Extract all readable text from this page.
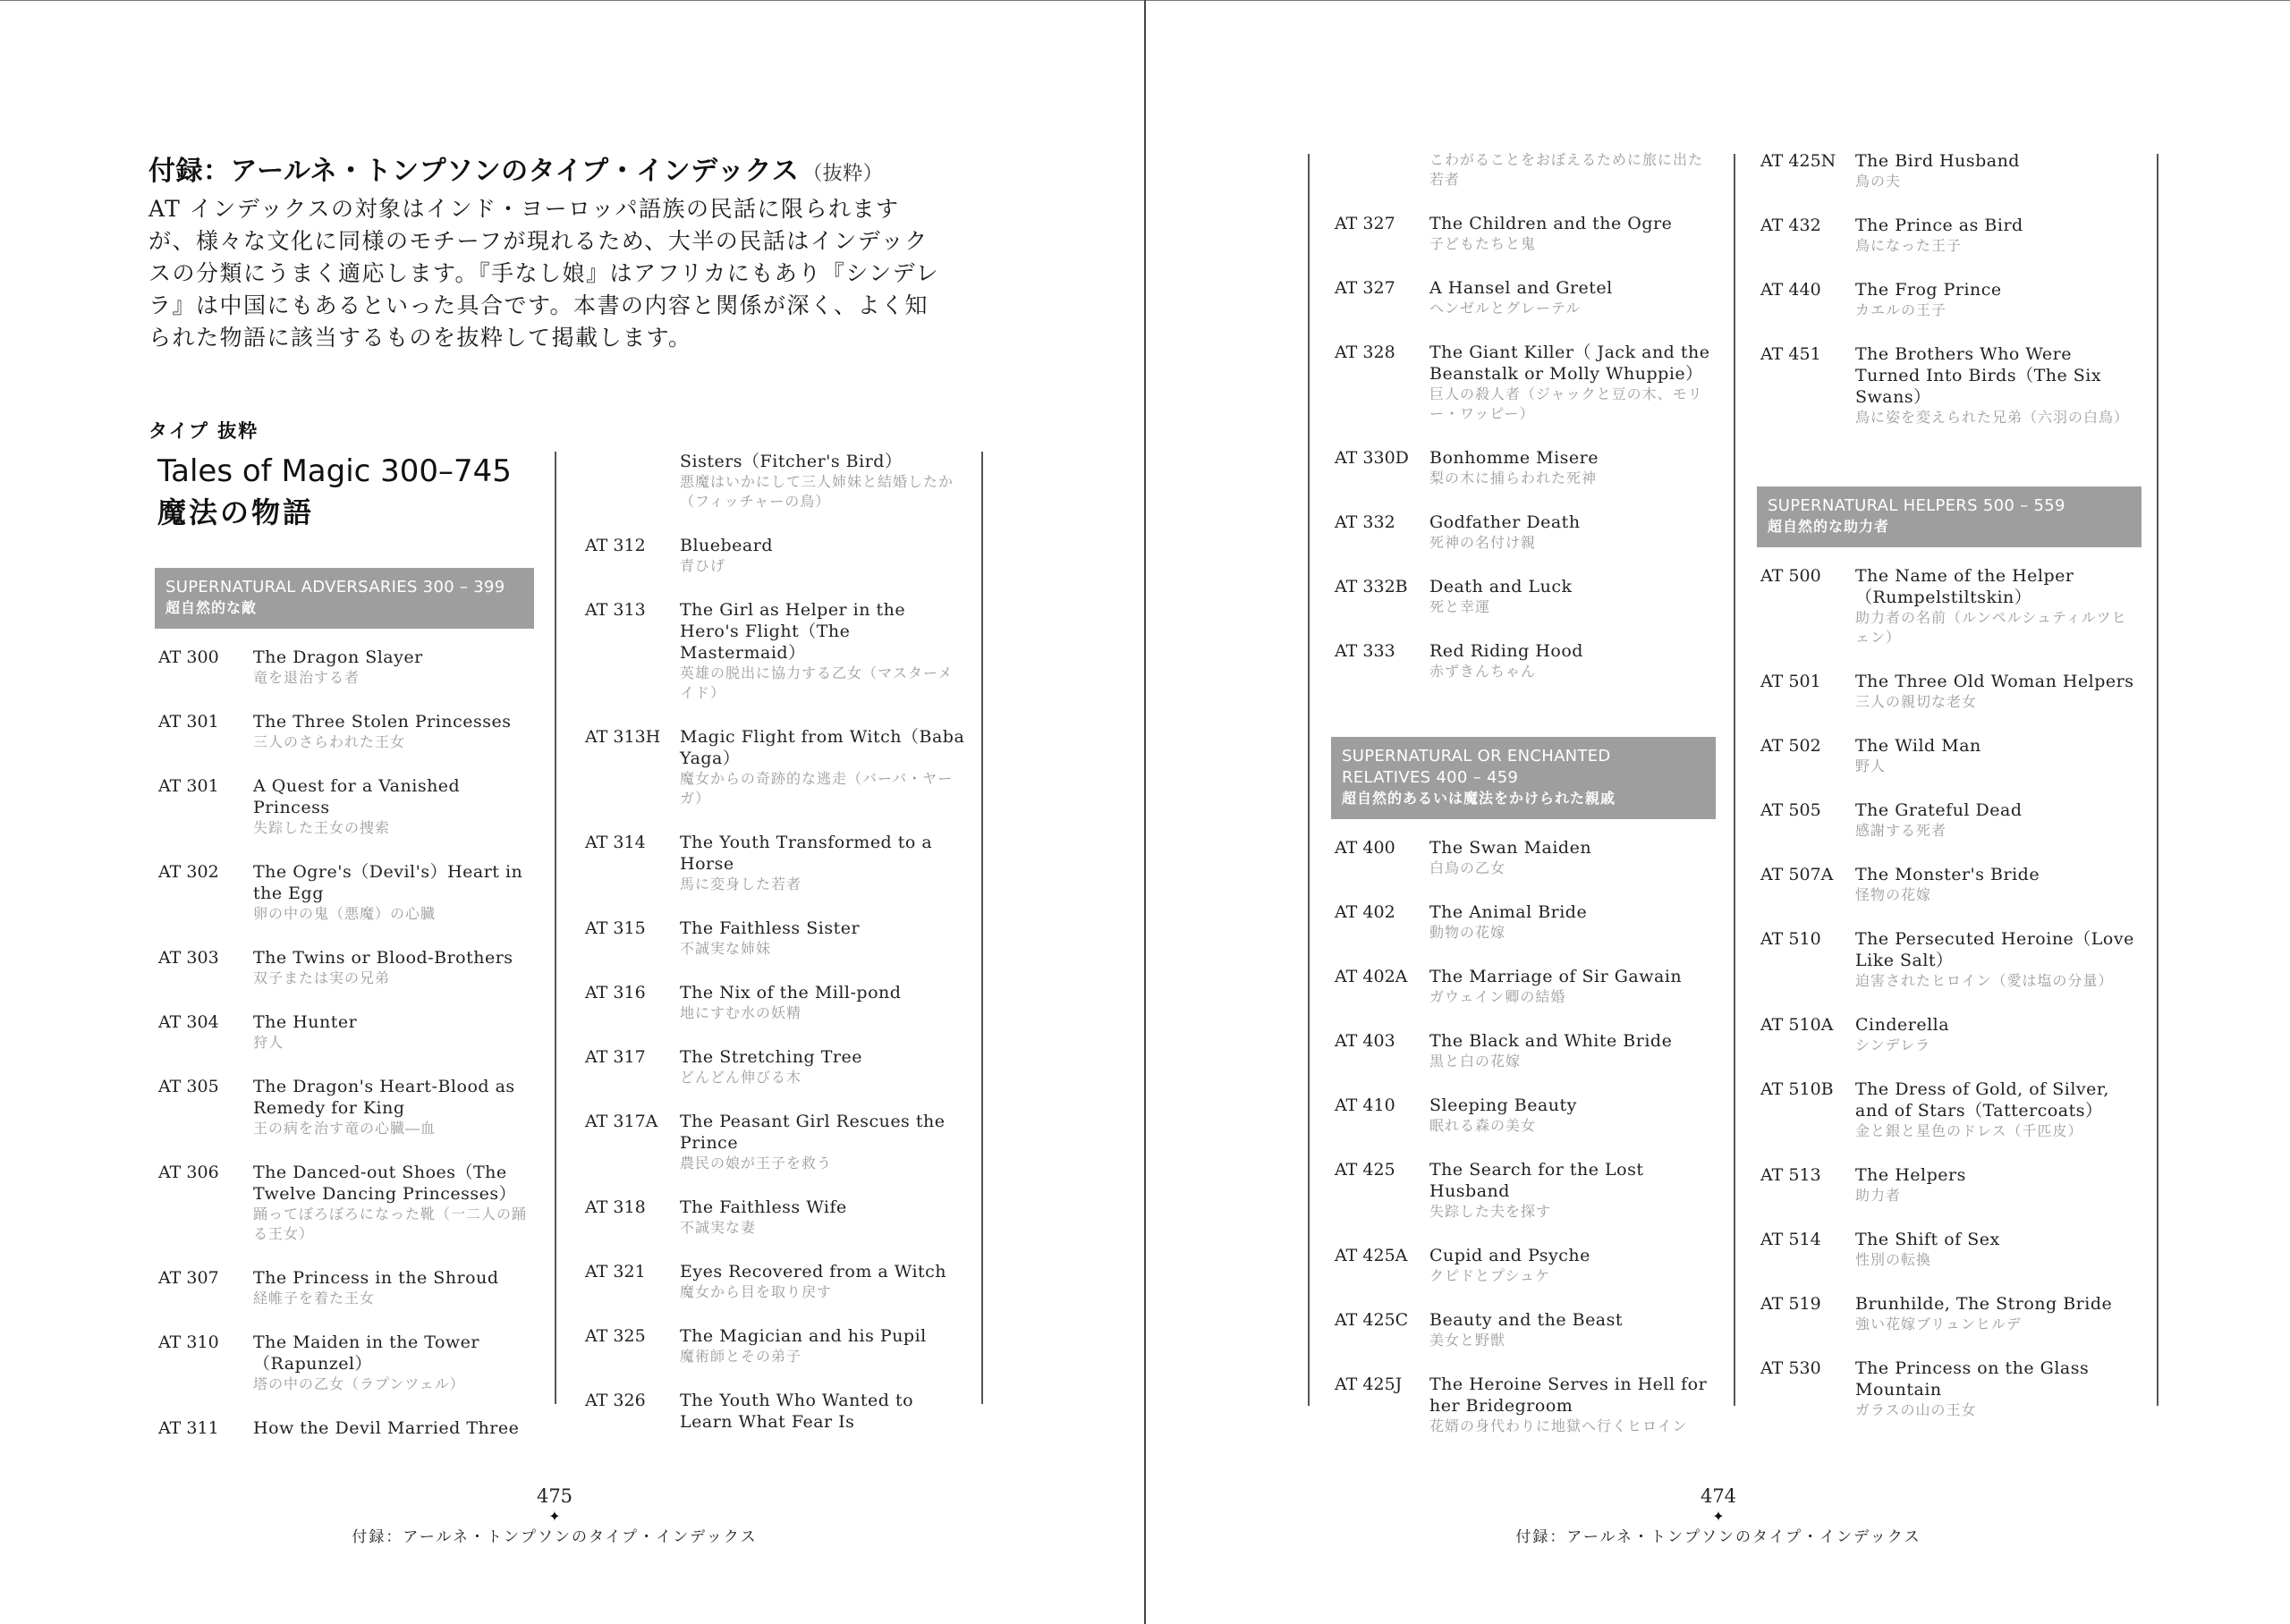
付録：アールネ・トンプソンのタイプ・インデックス （抜粋）

AT インデックスの対象はインド・ヨーロッパ語族の民話に限られますが、様々な文化に同様のモチーフが現れるため、大半の民話はインデックスの分類にうまく適応します。『手なし娘』はアフリカにもあり『シンデレラ』は中国にもあるといった具合です。本書の内容と関係が深く、よく知られた物語に該当するものを抜粋して掲載します。

タイプ 抜粋
Tales of Magic 300–745
魔法の物語
SUPERNATURAL ADVERSARIES 300 – 399
超自然的な敵
AT 300	The Dragon Slayer
竜を退治する者
AT 301	The Three Stolen Princesses
三人のさらわれた王女
AT 301	A Quest for a Vanished Princess
失踪した王女の捜索
AT 302	The Ogre's（Devil's）Heart in the Egg
卵の中の鬼（悪魔）の心臓
AT 303	The Twins or Blood-Brothers
双子または実の兄弟
AT 304	The Hunter
狩人
AT 305	The Dragon's Heart-Blood as Remedy for King
王の病を治す竜の心臓―血
AT 306	The Danced-out Shoes（The Twelve Dancing Princesses）
踊ってぼろぼろになった靴（一二人の踊る王女）
AT 307	The Princess in the Shroud
経帷子を着た王女
AT 310	The Maiden in the Tower（Rapunzel）
塔の中の乙女（ラプンツェル）
AT 311	How the Devil Married Three
Sisters（Fitcher's Bird）
悪魔はいかにして三人姉妹と結婚したか（フィッチャーの鳥）
AT 312	Bluebeard
青ひげ
AT 313	The Girl as Helper in the Hero's Flight（The Mastermaid）
英雄の脱出に協力する乙女（マスターメイド）
AT 313H	Magic Flight from Witch（Baba Yaga）
魔女からの奇跡的な逃走（バーバ・ヤーガ）
AT 314	The Youth Transformed to a Horse
馬に変身した若者
AT 315	The Faithless Sister
不誠実な姉妹
AT 316	The Nix of the Mill-pond
地にすむ水の妖精
AT 317	The Stretching Tree
どんどん伸びる木
AT 317A	The Peasant Girl Rescues the Prince
農民の娘が王子を救う
AT 318	The Faithless Wife
不誠実な妻
AT 321	Eyes Recovered from a Witch
魔女から目を取り戻す
AT 325	The Magician and his Pupil
魔術師とその弟子
AT 326	The Youth Who Wanted to Learn What Fear Is
475
✦
付録：アールネ・トンプソンのタイプ・インデックス
こわがることをおぼえるために旅に出た若者
AT 327	The Children and the Ogre
子どもたちと鬼
AT 327	A Hansel and Gretel
ヘンゼルとグレーテル
AT 328	The Giant Killer（ Jack and the Beanstalk or Molly Whuppie）
巨人の殺人者（ジャックと豆の木、モリー・ワッピー）
AT 330D	Bonhomme Misere
梨の木に捕らわれた死神
AT 332	Godfather Death
死神の名付け親
AT 332B	Death and Luck
死と幸運
AT 333	Red Riding Hood
赤ずきんちゃん
SUPERNATURAL OR ENCHANTED
RELATIVES 400 – 459
超自然的あるいは魔法をかけられた親戚
AT 400	The Swan Maiden
白鳥の乙女
AT 402	The Animal Bride
動物の花嫁
AT 402A	The Marriage of Sir Gawain
ガウェイン卿の結婚
AT 403	The Black and White Bride
黒と白の花嫁
AT 410	Sleeping Beauty
眠れる森の美女
AT 425	The Search for the Lost Husband
失踪した夫を探す
AT 425A	Cupid and Psyche
クピドとプシュケ
AT 425C	Beauty and the Beast
美女と野獣
AT 425J	The Heroine Serves in Hell for her Bridegroom
花婿の身代わりに地獄へ行くヒロイン
AT 425N	The Bird Husband
鳥の夫
AT 432	The Prince as Bird
鳥になった王子
AT 440	The Frog Prince
カエルの王子
AT 451	The Brothers Who Were Turned Into Birds（The Six Swans）
鳥に姿を変えられた兄弟（六羽の白鳥）
SUPERNATURAL HELPERS 500 – 559
超自然的な助力者
AT 500	The Name of the Helper（Rumpelstiltskin）
助力者の名前（ルンペルシュティルツヒェン）
AT 501	The Three Old Woman Helpers
三人の親切な老女
AT 502	The Wild Man
野人
AT 505	The Grateful Dead
感謝する死者
AT 507A	The Monster's Bride
怪物の花嫁
AT 510	The Persecuted Heroine（Love Like Salt）
迫害されたヒロイン（愛は塩の分量）
AT 510A	Cinderella
シンデレラ
AT 510B	The Dress of Gold, of Silver, and of Stars（Tattercoats）
金と銀と星色のドレス（千匹皮）
AT 513	The Helpers
助力者
AT 514	The Shift of Sex
性別の転換
AT 519	Brunhilde, The Strong Bride
強い花嫁ブリュンヒルデ
AT 530	The Princess on the Glass Mountain
ガラスの山の王女
474
✦
付録：アールネ・トンプソンのタイプ・インデックス
